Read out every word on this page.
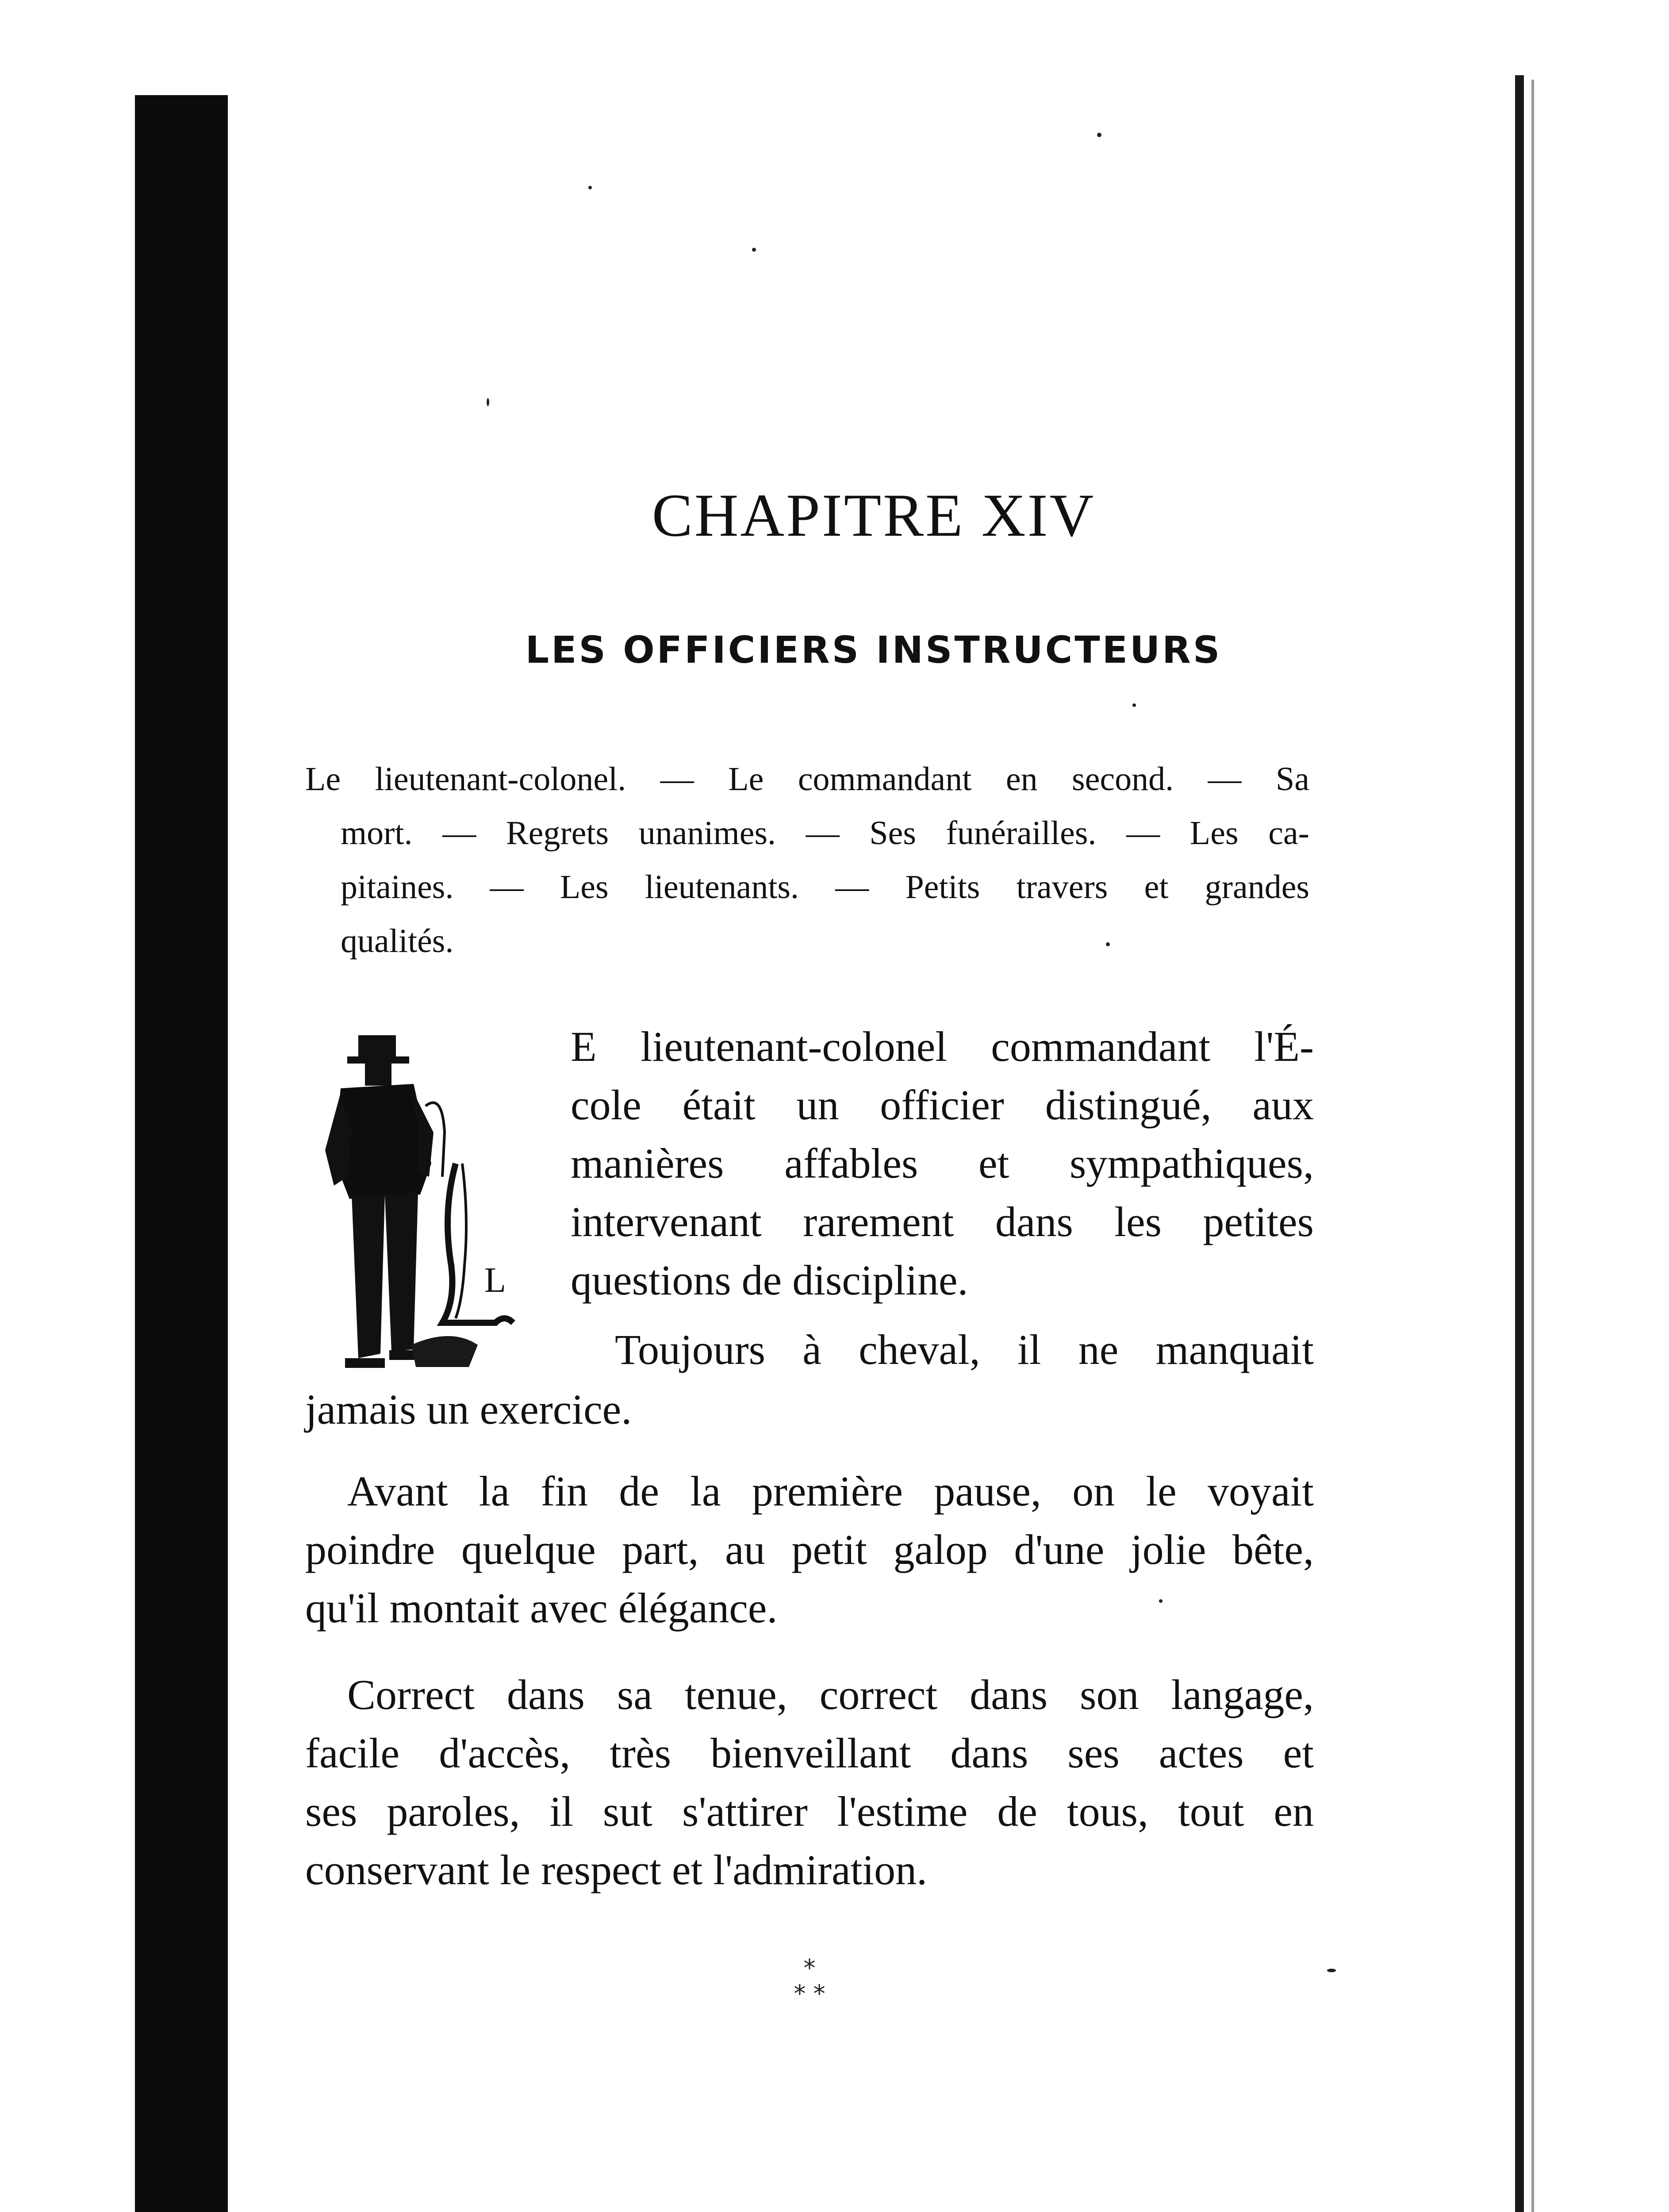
CHAPITRE XIV
LES OFFICIERS INSTRUCTEURS
Le lieutenant-colonel. — Le commandant en second. — Sa
mort. — Regrets unanimes. — Ses funérailles. — Les ca-
pitaines. — Les lieutenants. — Petits travers et grandes
qualités.
L
E lieutenant-colonel commandant l'É-
cole était un officier distingué, aux
manières affables et sympathiques,
intervenant rarement dans les petites
questions de discipline.
Toujours à cheval, il ne manquait
jamais un exercice.
Avant la fin de la première pause, on le voyait
poindre quelque part, au petit galop d'une jolie bête,
qu'il montait avec élégance.
Correct dans sa tenue, correct dans son langage,
facile d'accès, très bienveillant dans ses actes et
ses paroles, il sut s'attirer l'estime de tous, tout en
conservant le respect et l'admiration.
*
* *
